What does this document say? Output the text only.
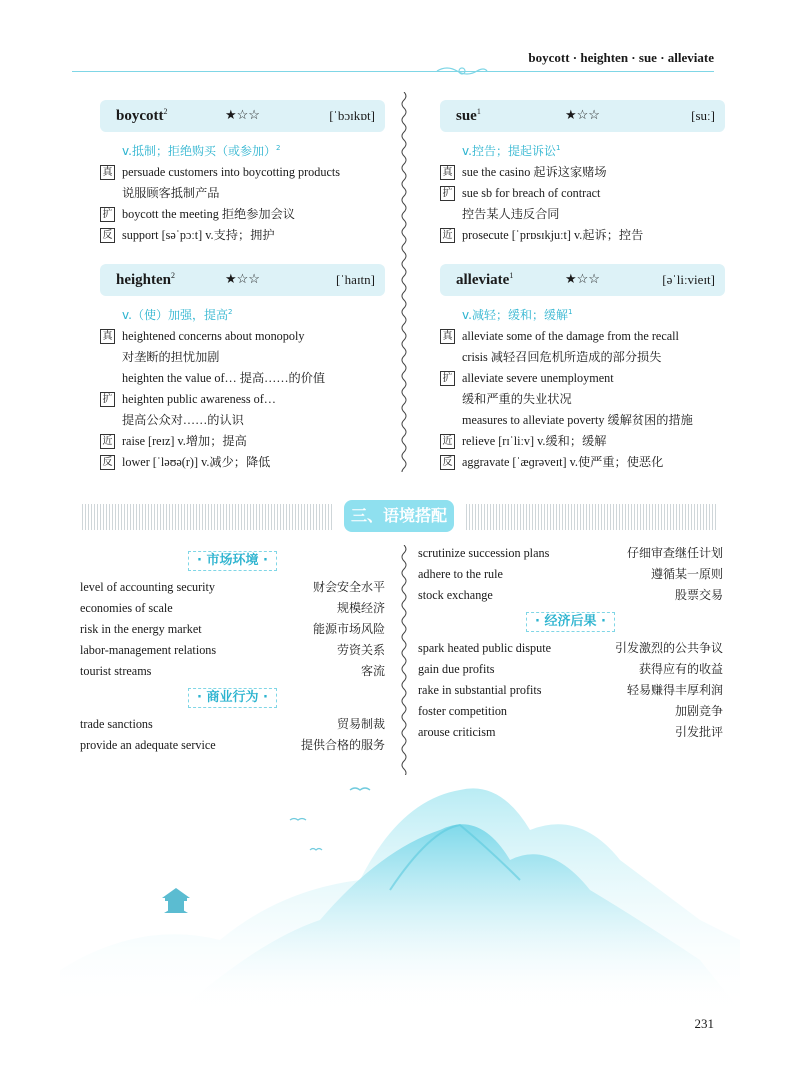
boycott · heighten · sue · alleviate
boycott$^2$	★☆☆	[ˈbɔɪkɒt]
v.抵制；拒绝购买（或参加）$^2$
真 persuade customers into boycotting products
说服顾客抵制产品
扩 boycott the meeting 拒绝参加会议
反 support [səˈpɔːt] v.支持；拥护
heighten$^2$	★☆☆	[ˈhaɪtn]
v.（使）加强，提高$^2$
真 heightened concerns about monopoly
对垄断的担忧加剧
heighten the value of… 提高……的价值
扩 heighten public awareness of…
提高公众对……的认识
近 raise [reɪz] v.增加；提高
反 lower [ˈləʊə(r)] v.减少；降低
sue$^1$	★☆☆	[suː]
v.控告；提起诉讼$^1$
真 sue the casino 起诉这家赌场
扩 sue sb for breach of contract
控告某人违反合同
近 prosecute [ˈprɒsɪkjuːt] v.起诉；控告
alleviate$^1$	★☆☆	[əˈliːvieɪt]
v.减轻；缓和；缓解$^1$
真 alleviate some of the damage from the recall
crisis 减轻召回危机所造成的部分损失
扩 alleviate severe unemployment
缓和严重的失业状况
measures to alleviate poverty 缓解贫困的措施
近 relieve [rɪˈliːv] v.缓和；缓解
反 aggravate [ˈæɡrəveɪt] v.使严重；使恶化
三、语境搭配
· 市场环境 ·
level of accounting security	财会安全水平
economies of scale	规模经济
risk in the energy market	能源市场风险
labor-management relations	劳资关系
tourist streams	客流
· 商业行为 ·
trade sanctions	贸易制裁
provide an adequate service	提供合格的服务
scrutinize succession plans	仔细审查继任计划
adhere to the rule	遵循某一原则
stock exchange	股票交易
· 经济后果 ·
spark heated public dispute	引发激烈的公共争议
gain due profits	获得应有的收益
rake in substantial profits	轻易赚得丰厚利润
foster competition	加剧竞争
arouse criticism	引发批评
231
